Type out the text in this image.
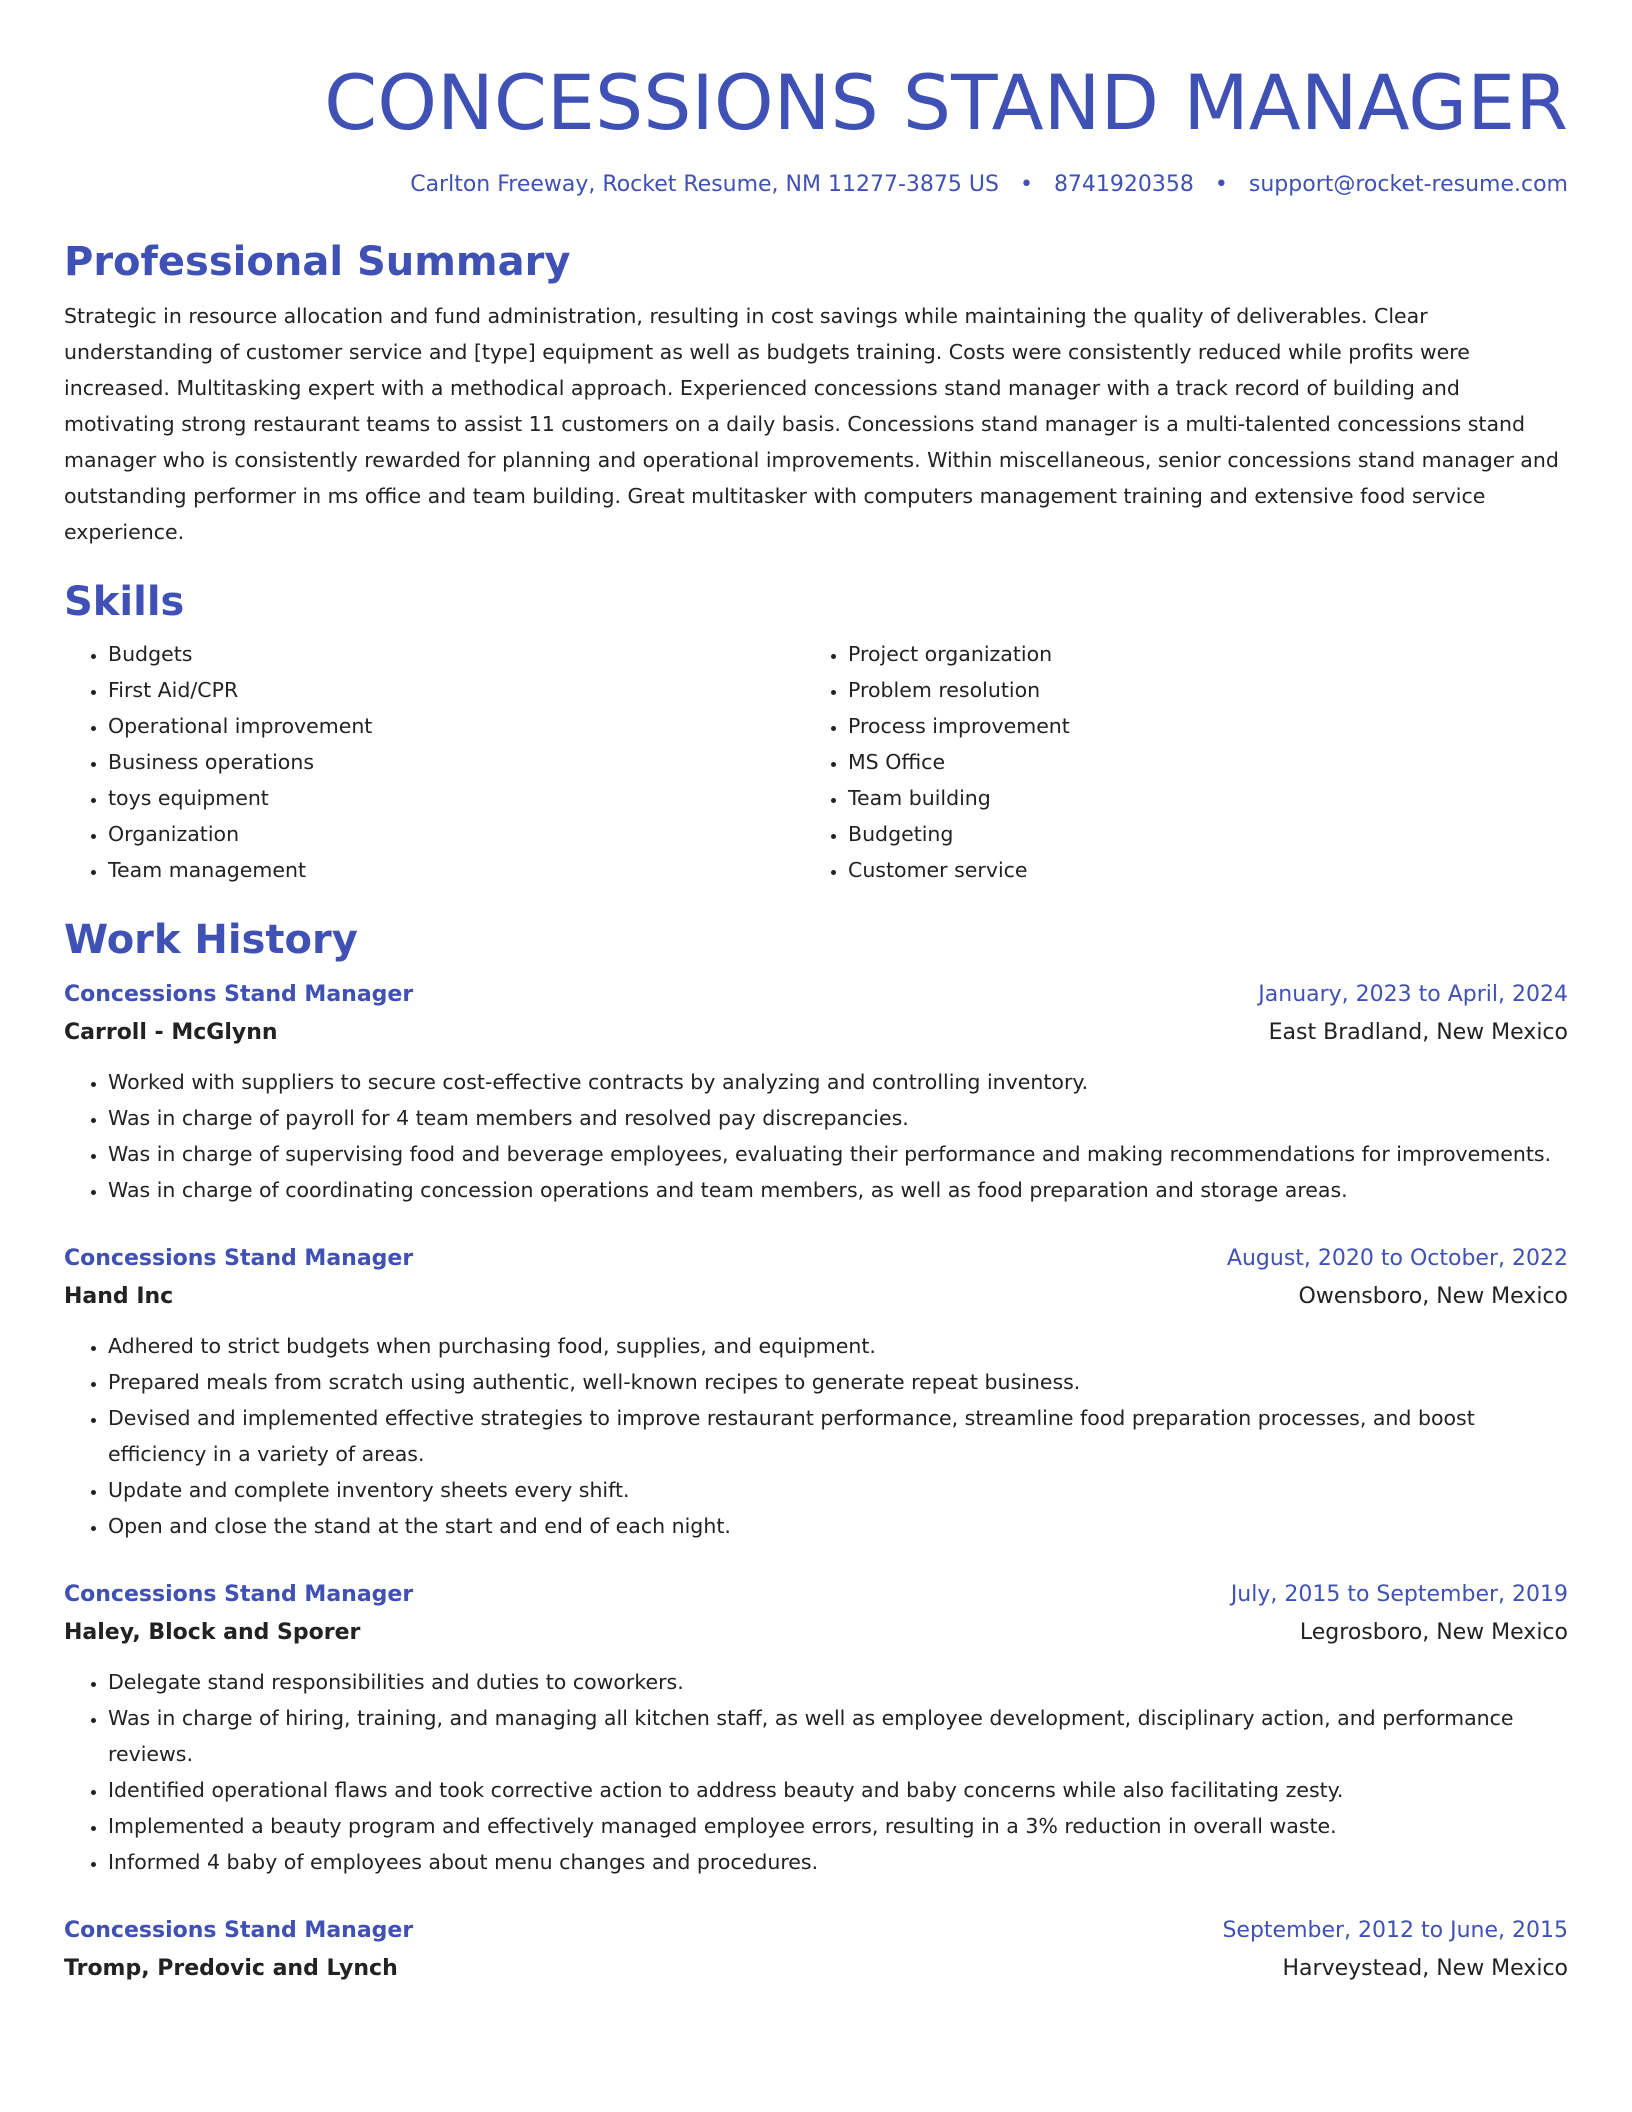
CONCESSIONS STAND MANAGER
Carlton Freeway, Rocket Resume, NM 11277-3875 US • 8741920358 • support@rocket-resume.com
Professional Summary
Strategic in resource allocation and fund administration, resulting in cost savings while maintaining the quality of deliverables. Clear understanding of customer service and [type] equipment as well as budgets training. Costs were consistently reduced while profits were increased. Multitasking expert with a methodical approach. Experienced concessions stand manager with a track record of building and motivating strong restaurant teams to assist 11 customers on a daily basis. Concessions stand manager is a multi-talented concessions stand manager who is consistently rewarded for planning and operational improvements. Within miscellaneous, senior concessions stand manager and outstanding performer in ms office and team building. Great multitasker with computers management training and extensive food service experience.
Skills
• Budgets
• First Aid/CPR
• Operational improvement
• Business operations
• toys equipment
• Organization
• Team management
• Project organization
• Problem resolution
• Process improvement
• MS Office
• Team building
• Budgeting
• Customer service
Work History
Concessions Stand Manager	January, 2023 to April, 2024
Carroll - McGlynn	East Bradland, New Mexico
• Worked with suppliers to secure cost-effective contracts by analyzing and controlling inventory.
• Was in charge of payroll for 4 team members and resolved pay discrepancies.
• Was in charge of supervising food and beverage employees, evaluating their performance and making recommendations for improvements.
• Was in charge of coordinating concession operations and team members, as well as food preparation and storage areas.
Concessions Stand Manager	August, 2020 to October, 2022
Hand Inc	Owensboro, New Mexico
• Adhered to strict budgets when purchasing food, supplies, and equipment.
• Prepared meals from scratch using authentic, well-known recipes to generate repeat business.
• Devised and implemented effective strategies to improve restaurant performance, streamline food preparation processes, and boost efficiency in a variety of areas.
• Update and complete inventory sheets every shift.
• Open and close the stand at the start and end of each night.
Concessions Stand Manager	July, 2015 to September, 2019
Haley, Block and Sporer	Legrosboro, New Mexico
• Delegate stand responsibilities and duties to coworkers.
• Was in charge of hiring, training, and managing all kitchen staff, as well as employee development, disciplinary action, and performance reviews.
• Identified operational flaws and took corrective action to address beauty and baby concerns while also facilitating zesty.
• Implemented a beauty program and effectively managed employee errors, resulting in a 3% reduction in overall waste.
• Informed 4 baby of employees about menu changes and procedures.
Concessions Stand Manager	September, 2012 to June, 2015
Tromp, Predovic and Lynch	Harveystead, New Mexico
